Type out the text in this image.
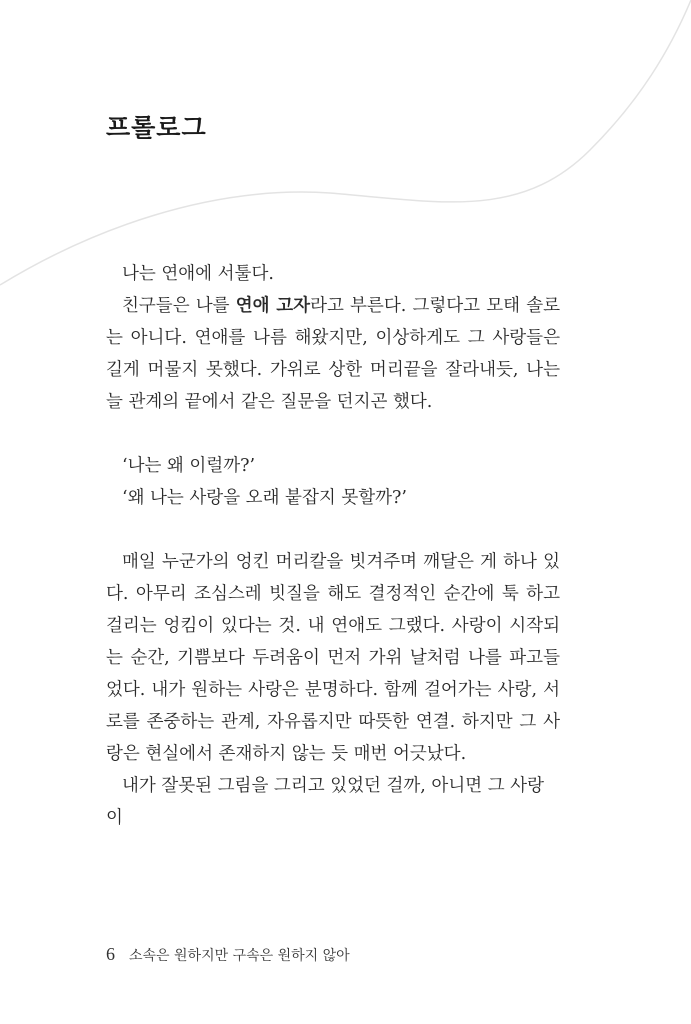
프롤로그

나는 연애에 서툴다.

친구들은 나를 연애 고자라고 부른다. 그렇다고 모태 솔로는 아니다. 연애를 나름 해왔지만, 이상하게도 그 사랑들은 길게 머물지 못했다. 가위로 상한 머리끝을 잘라내듯, 나는 늘 관계의 끝에서 같은 질문을 던지곤 했다.

‘나는 왜 이럴까?’

‘왜 나는 사랑을 오래 붙잡지 못할까?’

매일 누군가의 엉킨 머리칼을 빗겨주며 깨달은 게 하나 있다. 아무리 조심스레 빗질을 해도 결정적인 순간에 툭 하고 걸리는 엉킴이 있다는 것. 내 연애도 그랬다. 사랑이 시작되는 순간, 기쁨보다 두려움이 먼저 가위 날처럼 나를 파고들었다. 내가 원하는 사랑은 분명하다. 함께 걸어가는 사랑, 서로를 존중하는 관계, 자유롭지만 따뜻한 연결. 하지만 그 사랑은 현실에서 존재하지 않는 듯 매번 어긋났다.

내가 잘못된 그림을 그리고 있었던 걸까, 아니면 그 사랑이

6 소속은 원하지만 구속은 원하지 않아
